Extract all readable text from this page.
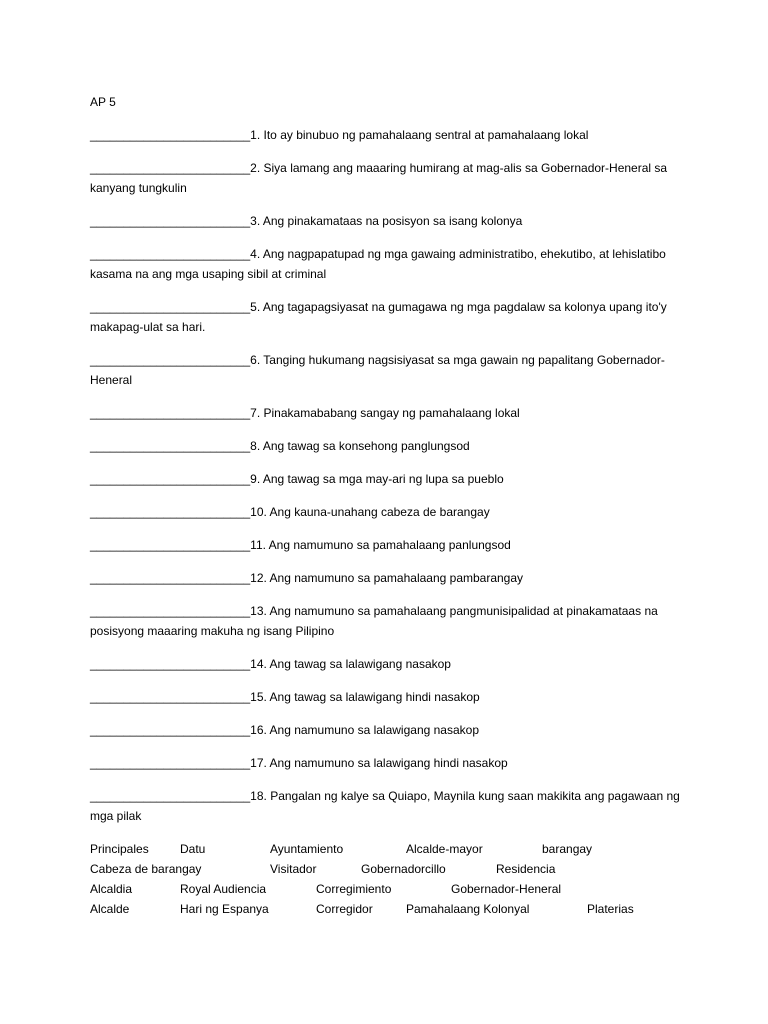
AP 5
________________________1. Ito ay binubuo ng pamahalaang sentral at pamahalaang lokal
________________________2. Siya lamang ang maaaring humirang at mag-alis sa Gobernador-Heneral sa kanyang tungkulin
________________________3. Ang pinakamataas na posisyon sa isang kolonya
________________________4. Ang nagpapatupad ng mga gawaing administratibo, ehekutibo, at lehislatibo kasama na ang mga usaping sibil at criminal
________________________5. Ang tagapagsiyasat na gumagawa ng mga pagdalaw sa kolonya upang ito'y makapag-ulat sa hari.
________________________6. Tanging hukumang nagsisiyasat sa mga gawain ng papalitang Gobernador-Heneral
________________________7. Pinakamababang sangay ng pamahalaang lokal
________________________8. Ang tawag sa konsehong panglungsod
________________________9. Ang tawag sa mga may-ari ng lupa sa pueblo
________________________10. Ang kauna-unahang cabeza de barangay
________________________11. Ang namumuno sa pamahalaang panlungsod
________________________12. Ang namumuno sa pamahalaang pambarangay
________________________13. Ang namumuno sa pamahalaang pangmunisipalidad at pinakamataas na posisyong maaaring makuha ng isang Pilipino
________________________14. Ang tawag sa lalawigang nasakop
________________________15. Ang tawag sa lalawigang hindi nasakop
________________________16. Ang namumuno sa lalawigang nasakop
________________________17. Ang namumuno sa lalawigang hindi nasakop
________________________18. Pangalan ng kalye sa Quiapo, Maynila kung saan makikita ang pagawaan ng mga pilak
Principales	Datu	Ayuntamiento	Alcalde-mayor	barangay
Cabeza de barangay	Visitador	Gobernadorcillo	Residencia
Alcaldia	Royal Audiencia	Corregimiento	Gobernador-Heneral
Alcalde	Hari ng Espanya	Corregidor	Pamahalaang Kolonyal	Platerias
